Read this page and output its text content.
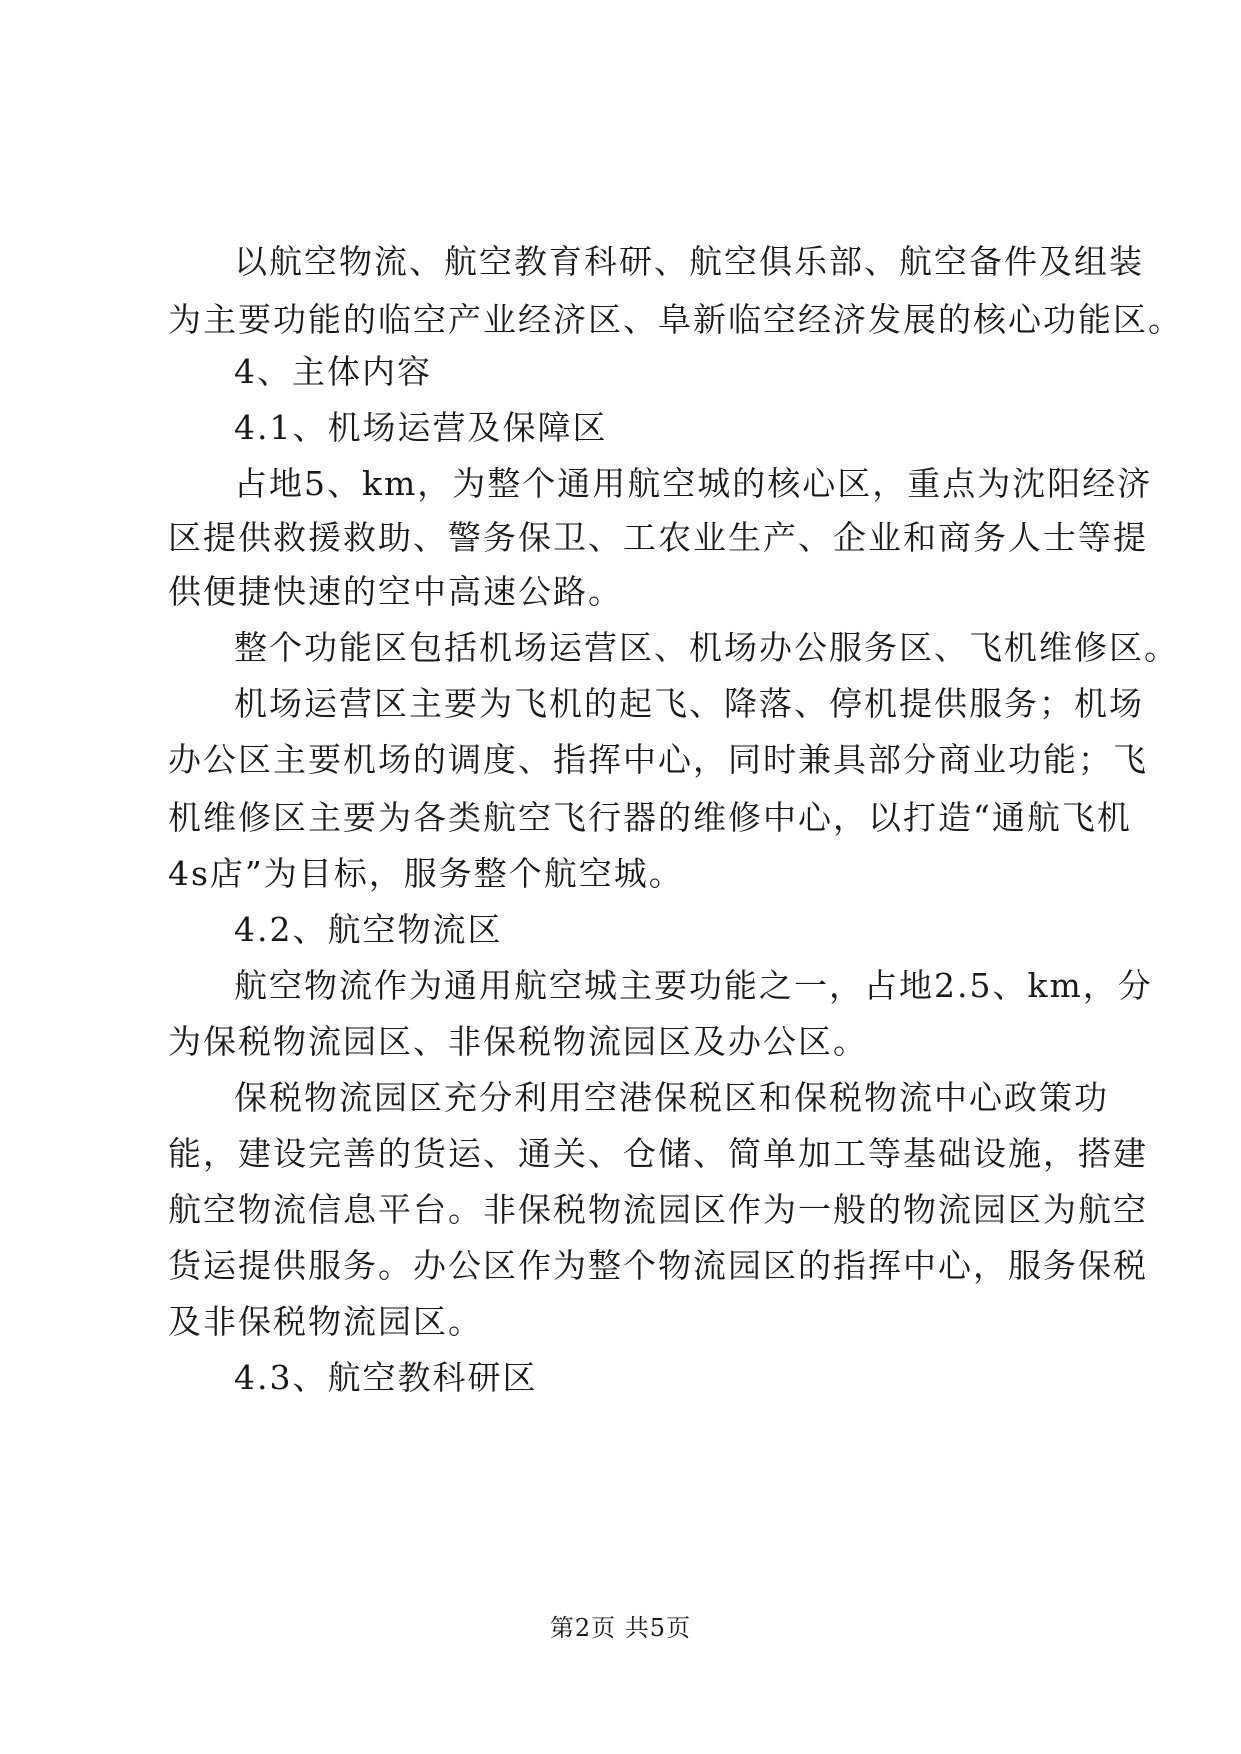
以航空物流、航空教育科研、航空俱乐部、航空备件及组装
为主要功能的临空产业经济区、阜新临空经济发展的核心功能区。
4、主体内容
4.1、机场运营及保障区
占地5、km，为整个通用航空城的核心区，重点为沈阳经济
区提供救援救助、警务保卫、工农业生产、企业和商务人士等提
供便捷快速的空中高速公路。
整个功能区包括机场运营区、机场办公服务区、飞机维修区。
机场运营区主要为飞机的起飞、降落、停机提供服务；机场
办公区主要机场的调度、指挥中心，同时兼具部分商业功能；飞
机维修区主要为各类航空飞行器的维修中心，以打造“通航飞机
4s店”为目标，服务整个航空城。
4.2、航空物流区
航空物流作为通用航空城主要功能之一，占地2.5、km，分
为保税物流园区、非保税物流园区及办公区。
保税物流园区充分利用空港保税区和保税物流中心政策功
能，建设完善的货运、通关、仓储、简单加工等基础设施，搭建
航空物流信息平台。非保税物流园区作为一般的物流园区为航空
货运提供服务。办公区作为整个物流园区的指挥中心，服务保税
及非保税物流园区。
4.3、航空教科研区
第2页 共5页
